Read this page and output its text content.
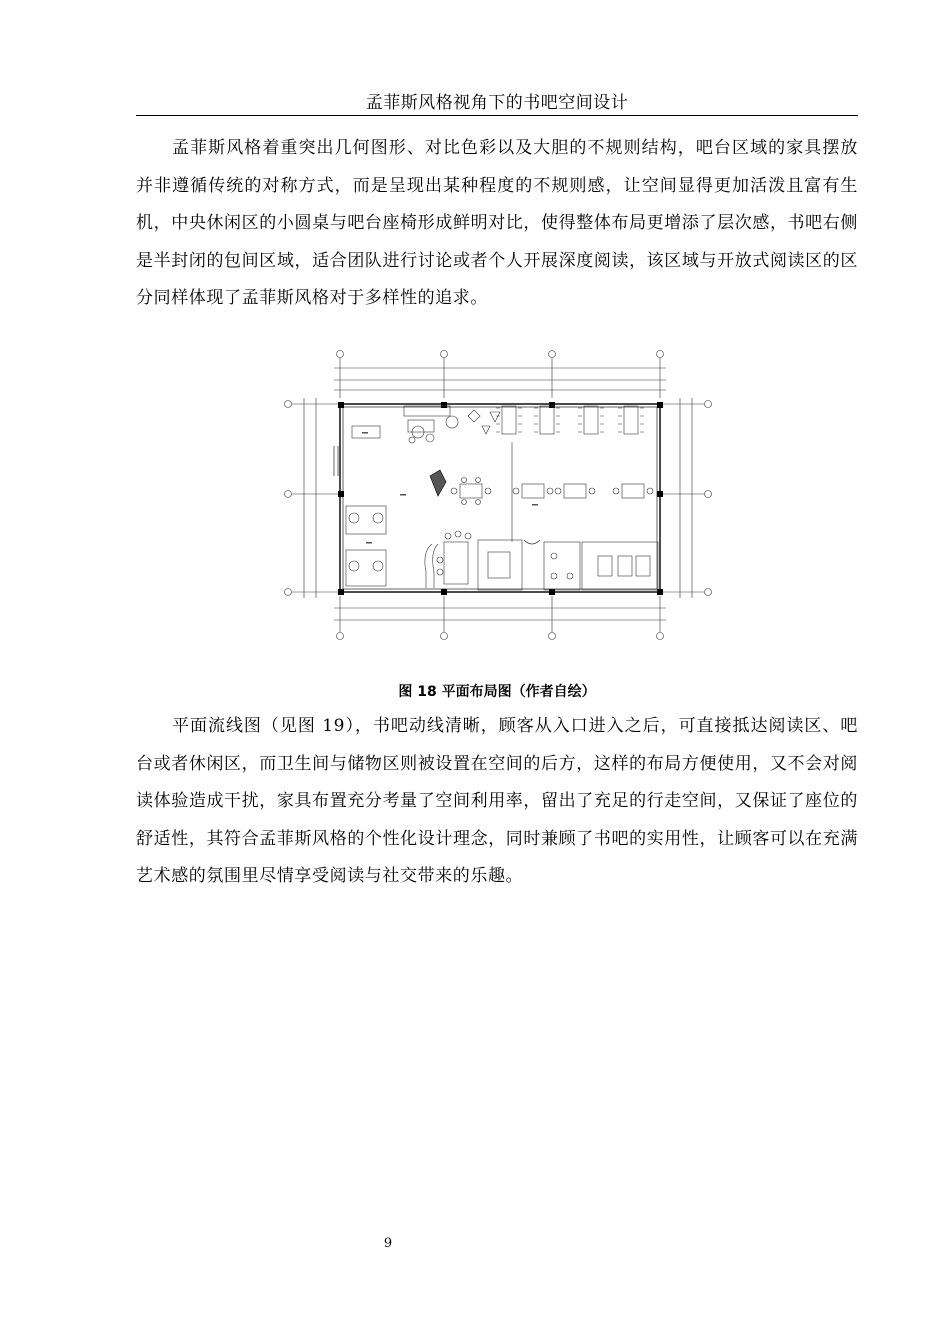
孟菲斯风格视角下的书吧空间设计

孟菲斯风格着重突出几何图形、对比色彩以及大胆的不规则结构，吧台区域的家具摆放并非遵循传统的对称方式，而是呈现出某种程度的不规则感，让空间显得更加活泼且富有生机，中央休闲区的小圆桌与吧台座椅形成鲜明对比，使得整体布局更增添了层次感，书吧右侧是半封闭的包间区域，适合团队进行讨论或者个人开展深度阅读，该区域与开放式阅读区的区分同样体现了孟菲斯风格对于多样性的追求。

图 18 平面布局图（作者自绘）

平面流线图（见图 19），书吧动线清晰，顾客从入口进入之后，可直接抵达阅读区、吧台或者休闲区，而卫生间与储物区则被设置在空间的后方，这样的布局方便使用，又不会对阅读体验造成干扰，家具布置充分考量了空间利用率，留出了充足的行走空间，又保证了座位的舒适性，其符合孟菲斯风格的个性化设计理念，同时兼顾了书吧的实用性，让顾客可以在充满艺术感的氛围里尽情享受阅读与社交带来的乐趣。

9
